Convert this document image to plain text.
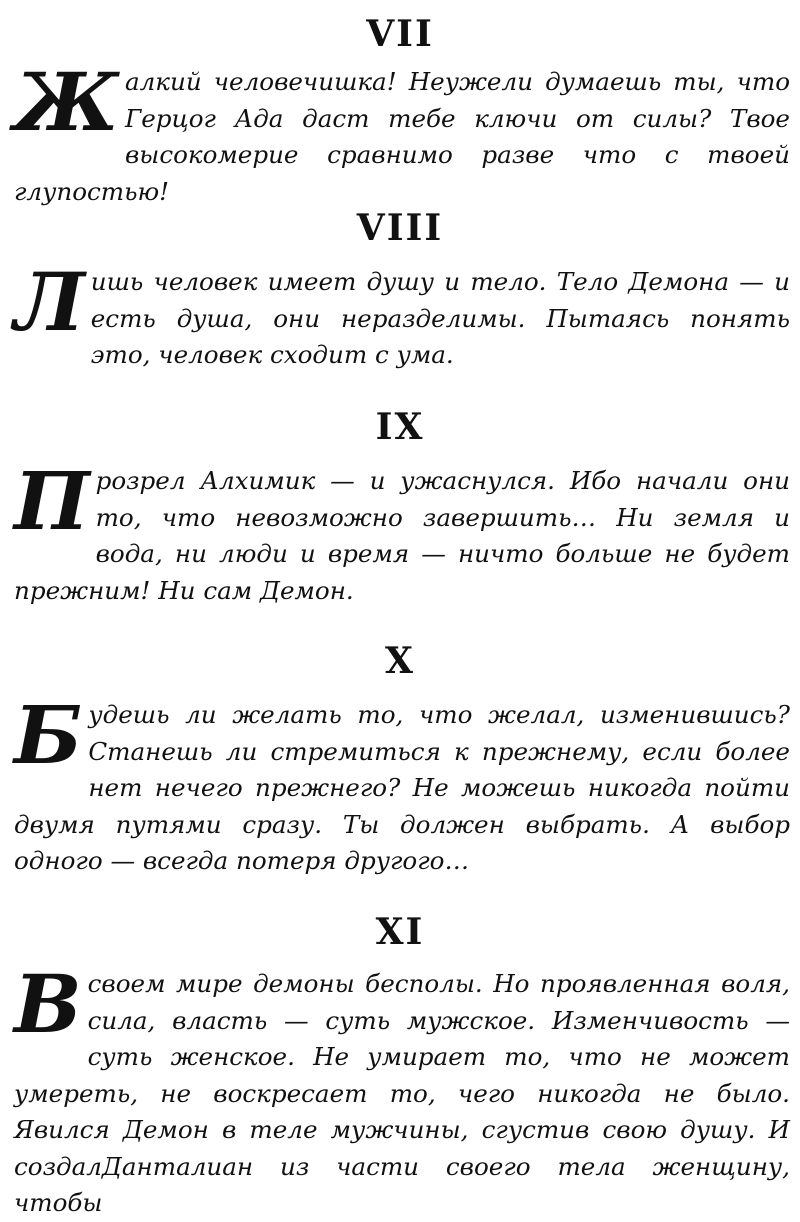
VII
Ж алкий человечишка! Неужели думаешь ты, что Герцог Ада даст тебе ключи от силы? Твое высокомерие сравнимо разве что с твоей глупостью!

VIII
Л ишь человек имеет душу и тело. Тело Демона — и есть душа, они неразделимы. Пытаясь понять это, человек сходит с ума.

IX
П розрел Алхимик — и ужаснулся. Ибо начали они то, что невозможно завершить… Ни земля и вода, ни люди и время — ничто больше не будет прежним! Ни сам Демон.

X
Б удешь ли желать то, что желал, изменившись? Станешь ли стремиться к прежнему, если более нет нечего прежнего? Не можешь никогда пойти двумя путями сразу. Ты должен выбрать. А выбор одного — всегда потеря другого…

XI
В своем мире демоны бесполы. Но проявленная воля, сила, власть — суть мужское. Изменчивость — суть женское. Не умирает то, что не может умереть, не воскресает то, чего никогда не было. Явился Демон в теле мужчины, сгустив свою душу. И создалДанталиан из части своего тела женщину, чтобы
